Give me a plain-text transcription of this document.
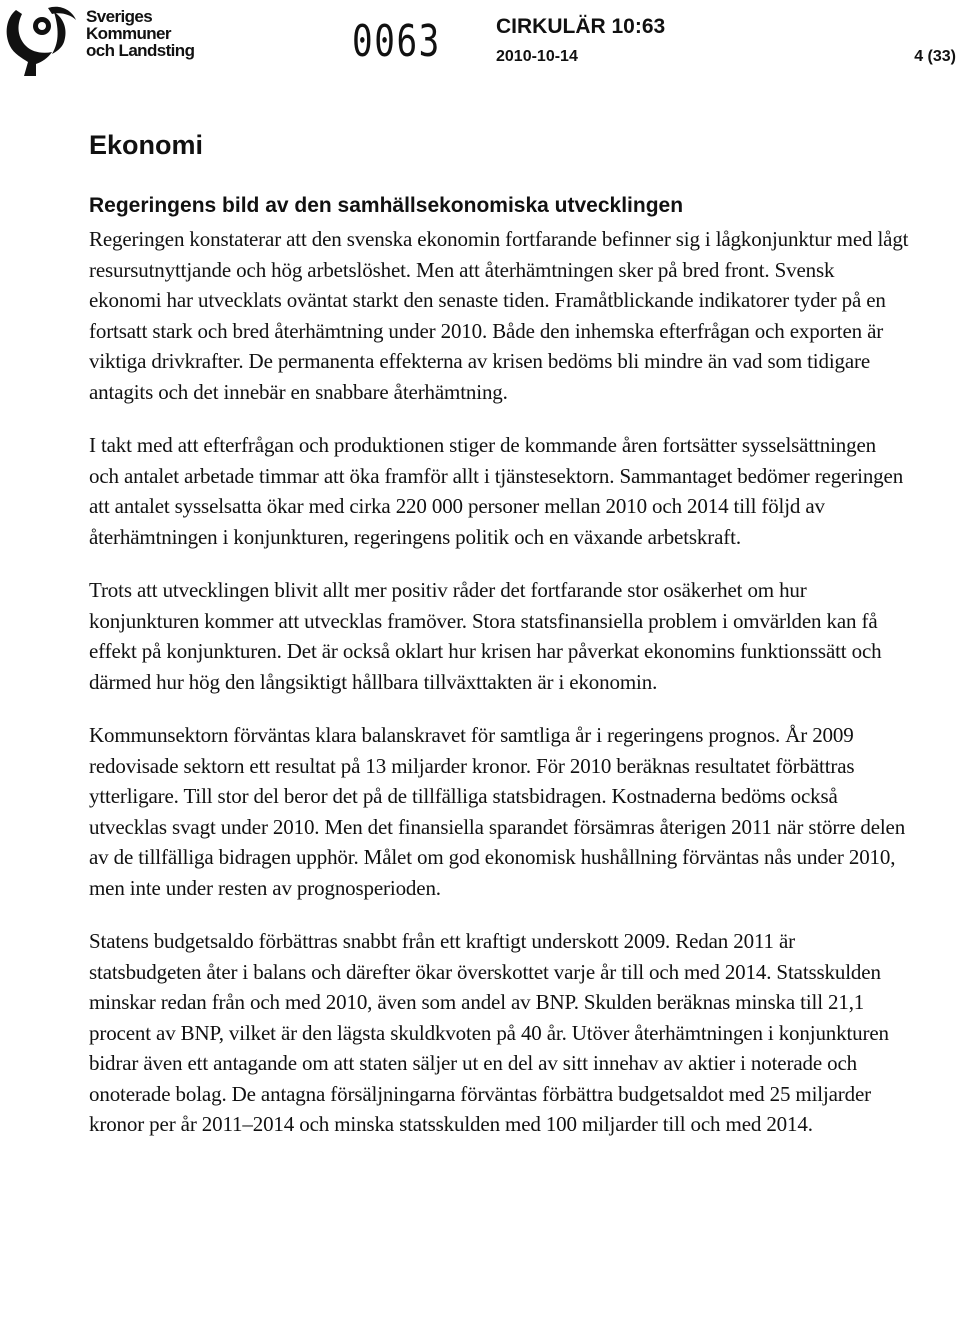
Sveriges
Kommuner
och Landsting	0063	CIRKULÄR 10:63
2010-10-14	4 (33)
Ekonomi
Regeringens bild av den samhällsekonomiska utvecklingen

Regeringen konstaterar att den svenska ekonomin fortfarande befinner sig i lågkonjunktur med lågt resursutnyttjande och hög arbetslöshet. Men att återhämtningen sker på bred front. Svensk ekonomi har utvecklats oväntat starkt den senaste tiden. Framåtblickande indikatorer tyder på en fortsatt stark och bred återhämtning under 2010. Både den inhemska efterfrågan och exporten är viktiga drivkrafter. De permanenta effekterna av krisen bedöms bli mindre än vad som tidigare antagits och det innebär en snabbare återhämtning.

I takt med att efterfrågan och produktionen stiger de kommande åren fortsätter sysselsättningen och antalet arbetade timmar att öka framför allt i tjänstesektorn. Sammantaget bedömer regeringen att antalet sysselsatta ökar med cirka 220 000 personer mellan 2010 och 2014 till följd av återhämtningen i konjunkturen, regeringens politik och en växande arbetskraft.

Trots att utvecklingen blivit allt mer positiv råder det fortfarande stor osäkerhet om hur konjunkturen kommer att utvecklas framöver. Stora statsfinansiella problem i omvärlden kan få effekt på konjunkturen. Det är också oklart hur krisen har påverkat ekonomins funktionssätt och därmed hur hög den långsiktigt hållbara tillväxttakten är i ekonomin.

Kommunsektorn förväntas klara balanskravet för samtliga år i regeringens prognos. År 2009 redovisade sektorn ett resultat på 13 miljarder kronor. För 2010 beräknas resultatet förbättras ytterligare. Till stor del beror det på de tillfälliga statsbidragen. Kostnaderna bedöms också utvecklas svagt under 2010. Men det finansiella sparandet försämras återigen 2011 när större delen av de tillfälliga bidragen upphör. Målet om god ekonomisk hushållning förväntas nås under 2010, men inte under resten av prognosperioden.

Statens budgetsaldo förbättras snabbt från ett kraftigt underskott 2009. Redan 2011 är statsbudgeten åter i balans och därefter ökar överskottet varje år till och med 2014. Statsskulden minskar redan från och med 2010, även som andel av BNP. Skulden beräknas minska till 21,1 procent av BNP, vilket är den lägsta skuldkvoten på 40 år. Utöver återhämtningen i konjunkturen bidrar även ett antagande om att staten säljer ut en del av sitt innehav av aktier i noterade och onoterade bolag. De antagna försäljningarna förväntas förbättra budgetsaldot med 25 miljarder kronor per år 2011–2014 och minska statsskulden med 100 miljarder till och med 2014.
